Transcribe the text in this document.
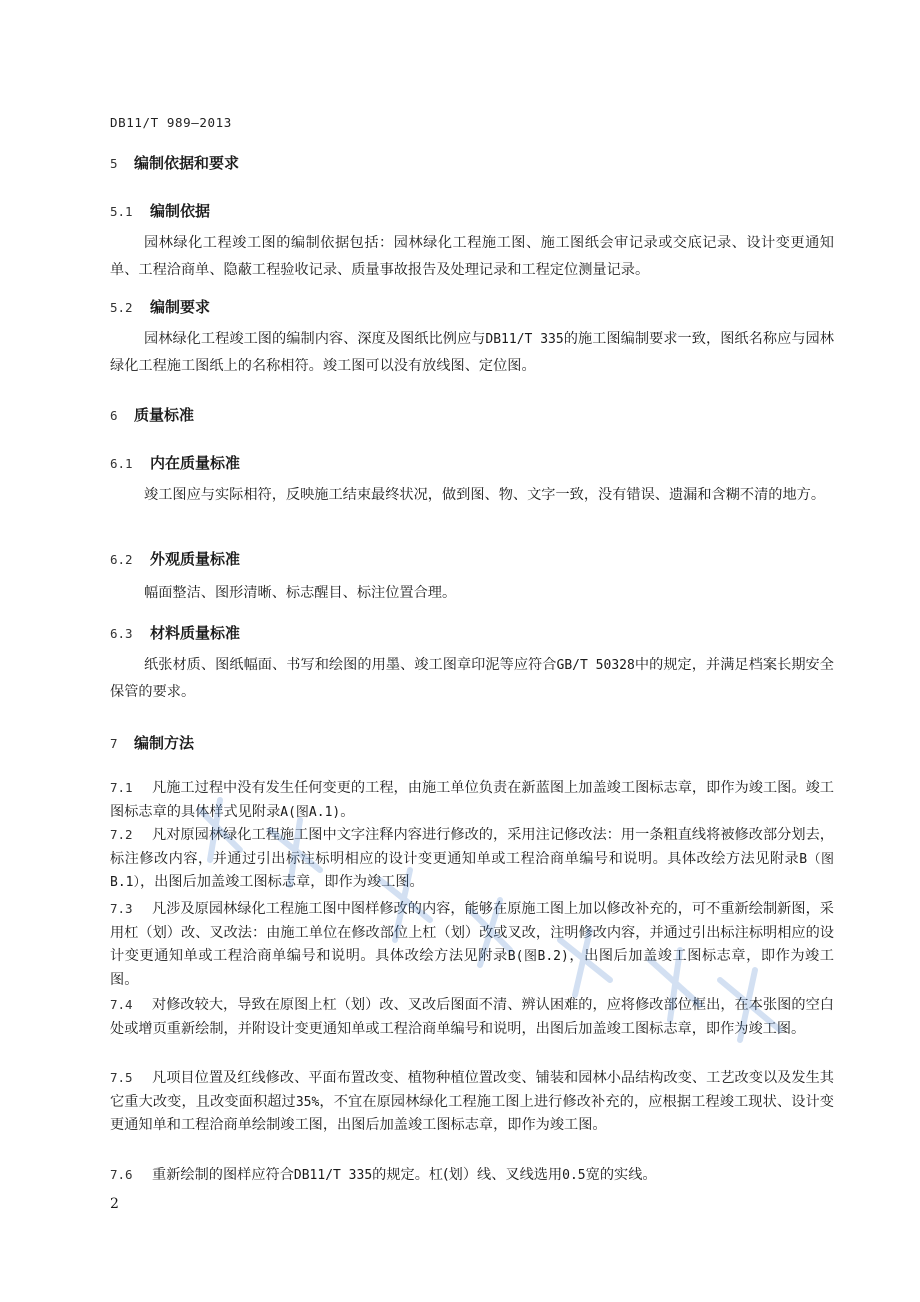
DB11/T 989—2013
5 编制依据和要求
5.1 编制依据
园林绿化工程竣工图的编制依据包括：园林绿化工程施工图、施工图纸会审记录或交底记录、设计变更通知单、工程洽商单、隐蔽工程验收记录、质量事故报告及处理记录和工程定位测量记录。
5.2 编制要求
园林绿化工程竣工图的编制内容、深度及图纸比例应与DB11/T 335的施工图编制要求一致，图纸名称应与园林绿化工程施工图纸上的名称相符。竣工图可以没有放线图、定位图。
6 质量标准
6.1 内在质量标准
竣工图应与实际相符，反映施工结束最终状况，做到图、物、文字一致，没有错误、遗漏和含糊不清的地方。
6.2 外观质量标准
幅面整洁、图形清晰、标志醒目、标注位置合理。
6.3 材料质量标准
纸张材质、图纸幅面、书写和绘图的用墨、竣工图章印泥等应符合GB/T 50328中的规定，并满足档案长期安全保管的要求。
7 编制方法
7.1 凡施工过程中没有发生任何变更的工程，由施工单位负责在新蓝图上加盖竣工图标志章，即作为竣工图。竣工图标志章的具体样式见附录A(图A.1)。
7.2 凡对原园林绿化工程施工图中文字注释内容进行修改的，采用注记修改法：用一条粗直线将被修改部分划去，标注修改内容，并通过引出标注标明相应的设计变更通知单或工程洽商单编号和说明。具体改绘方法见附录B（图B.1），出图后加盖竣工图标志章，即作为竣工图。
7.3 凡涉及原园林绿化工程施工图中图样修改的内容，能够在原施工图上加以修改补充的，可不重新绘制新图，采用杠（划）改、叉改法：由施工单位在修改部位上杠（划）改或叉改，注明修改内容，并通过引出标注标明相应的设计变更通知单或工程洽商单编号和说明。具体改绘方法见附录B(图B.2)，出图后加盖竣工图标志章，即作为竣工图。
7.4 对修改较大，导致在原图上杠（划）改、叉改后图面不清、辨认困难的，应将修改部位框出，在本张图的空白处或增页重新绘制，并附设计变更通知单或工程洽商单编号和说明，出图后加盖竣工图标志章，即作为竣工图。
7.5 凡项目位置及红线修改、平面布置改变、植物种植位置改变、铺装和园林小品结构改变、工艺改变以及发生其它重大改变，且改变面积超过35%，不宜在原园林绿化工程施工图上进行修改补充的，应根据工程竣工现状、设计变更通知单和工程洽商单绘制竣工图，出图后加盖竣工图标志章，即作为竣工图。
7.6 重新绘制的图样应符合DB11/T 335的规定。杠(划）线、叉线选用0.5宽的实线。
2
